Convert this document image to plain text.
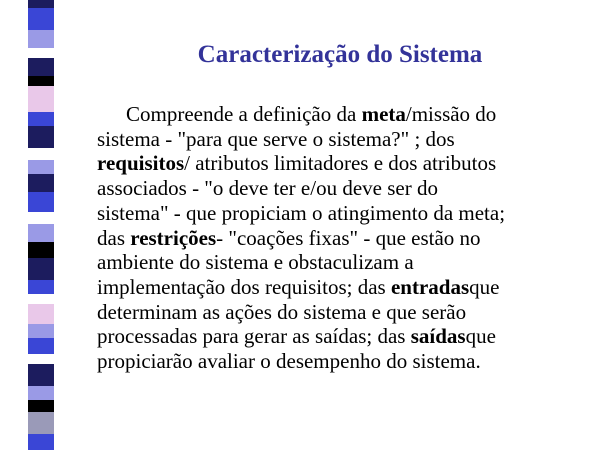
Caracterização do Sistema
Compreende a definição da meta/missão do
sistema - "para que serve o sistema?" ; dos
requisitos/ atributos limitadores e dos atributos
associados - "o deve ter e/ou deve ser do
sistema" - que propiciam o atingimento da meta;
das restrições- "coações fixas" - que estão no
ambiente do sistema e obstaculizam a
implementação dos requisitos; das entradasque
determinam as ações do sistema e que serão
processadas para gerar as saídas; das saídasque
propiciarão avaliar o desempenho do sistema.
